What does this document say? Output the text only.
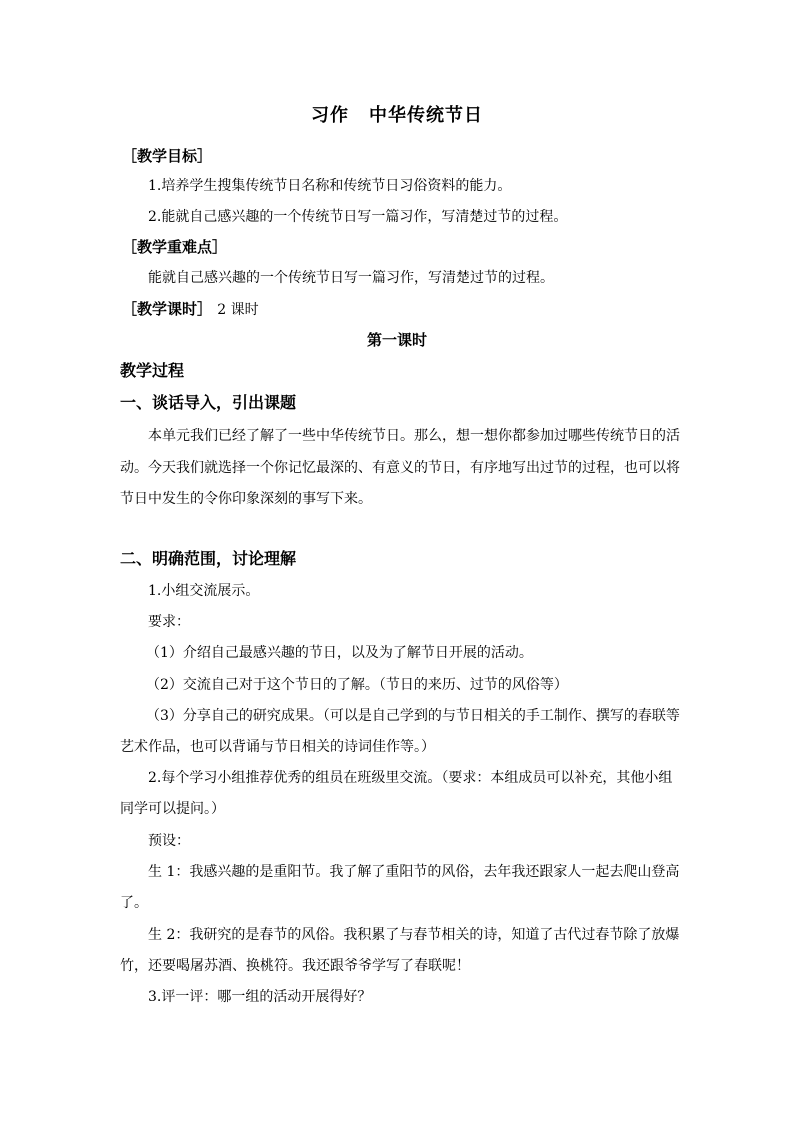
习作 中华传统节日
［教学目标］
1.培养学生搜集传统节日名称和传统节日习俗资料的能力。
2.能就自己感兴趣的一个传统节日写一篇习作，写清楚过节的过程。
［教学重难点］
能就自己感兴趣的一个传统节日写一篇习作，写清楚过节的过程。
［教学课时］ 2 课时
第一课时
教学过程
一、谈话导入，引出课题
本单元我们已经了解了一些中华传统节日。那么，想一想你都参加过哪些传统节日的活
动。今天我们就选择一个你记忆最深的、有意义的节日，有序地写出过节的过程，也可以将
节日中发生的令你印象深刻的事写下来。
二、明确范围，讨论理解
1.小组交流展示。
要求：
（1）介绍自己最感兴趣的节日，以及为了解节日开展的活动。
（2）交流自己对于这个节日的了解。（节日的来历、过节的风俗等）
（3）分享自己的研究成果。（可以是自己学到的与节日相关的手工制作、撰写的春联等
艺术作品，也可以背诵与节日相关的诗词佳作等。）
2.每个学习小组推荐优秀的组员在班级里交流。（要求：本组成员可以补充，其他小组
同学可以提问。）
预设：
生 1：我感兴趣的是重阳节。我了解了重阳节的风俗，去年我还跟家人一起去爬山登高
了。
生 2：我研究的是春节的风俗。我积累了与春节相关的诗，知道了古代过春节除了放爆
竹，还要喝屠苏酒、换桃符。我还跟爷爷学写了春联呢！
3.评一评：哪一组的活动开展得好？
